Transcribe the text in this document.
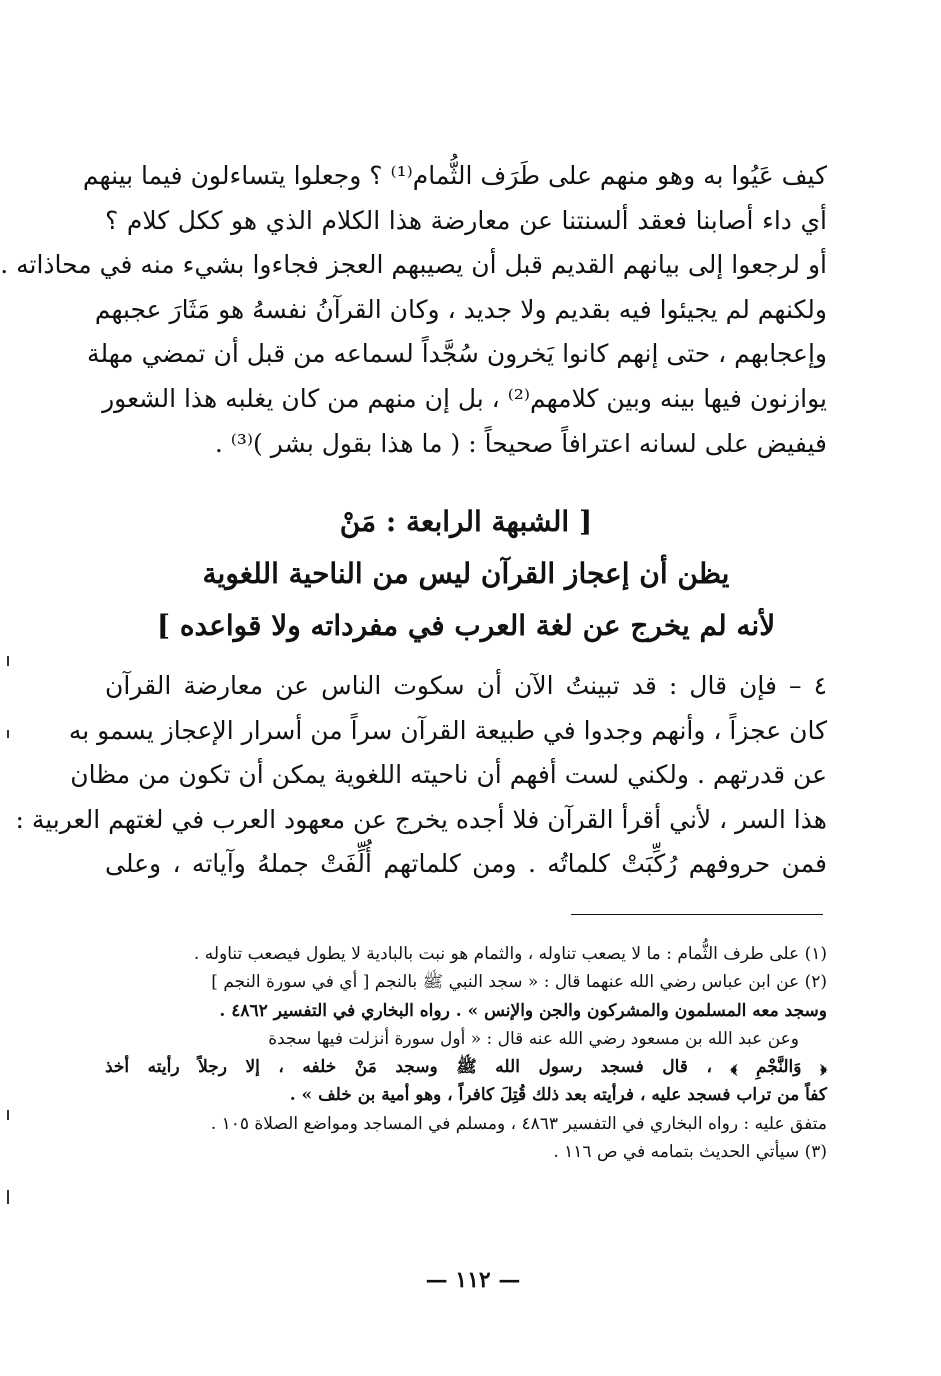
كيف عَيُوا به وهو منهم على طَرَف الثُّمام⁽¹⁾ ؟ وجعلوا يتساءلون فيما بينهم
أي داء أصابنا فعقد ألسنتنا عن معارضة هذا الكلام الذي هو ككل كلام ؟
أو لرجعوا إلى بيانهم القديم قبل أن يصيبهم العجز فجاءوا بشيء منه في محاذاته .
ولكنهم لم يجيئوا فيه بقديم ولا جديد ، وكان القرآنُ نفسهُ هو مَثَارَ عجبهم
وإعجابهم ، حتى إنهم كانوا يَخرون سُجَّداً لسماعه من قبل أن تمضي مهلة
يوازنون فيها بينه وبين كلامهم⁽²⁾ ، بل إن منهم من كان يغلبه هذا الشعور
فيفيض على لسانه اعترافاً صحيحاً : ( ما هذا بقول بشر )⁽³⁾ .
[ الشبهة الرابعة : مَنْ
يظن أن إعجاز القرآن ليس من الناحية اللغوية
لأنه لم يخرج عن لغة العرب في مفرداته ولا قواعده ]
٤ – فإن قال : قد تبينتُ الآن أن سكوت الناس عن معارضة القرآن
كان عجزاً ، وأنهم وجدوا في طبيعة القرآن سراً من أسرار الإعجاز يسمو به
عن قدرتهم . ولكني لست أفهم أن ناحيته اللغوية يمكن أن تكون من مظان
هذا السر ، لأني أقرأ القرآن فلا أجده يخرج عن معهود العرب في لغتهم العربية :
فمن حروفهم رُكِّبَتْ كلماتُه . ومن كلماتهم أُلِّفَتْ جملهُ وآياته ، وعلى
(١) على طرف الثُّمام : ما لا يصعب تناوله ، والثمام هو نبت بالبادية لا يطول فيصعب تناوله .
(٢) عن ابن عباس رضي الله عنهما قال : « سجد النبي ﷺ بالنجم [ أي في سورة النجم ]
وسجد معه المسلمون والمشركون والجن والإنس » . رواه البخاري في التفسير ٤٨٦٢ .
وعن عبد الله بن مسعود رضي الله عنه قال : « أول سورة أنزلت فيها سجدة
﴿ وَالنَّجْمِ ﴾ ، قال فسجد رسول الله ﷺ وسجد مَنْ خلفه ، إلا رجلاً رأيته أخذ
كفاً من تراب فسجد عليه ، فرأيته بعد ذلك قُتِلَ كافراً ، وهو أمية بن خلف » .
متفق عليه : رواه البخاري في التفسير ٤٨٦٣ ، ومسلم في المساجد ومواضع الصلاة ١٠٥ .
(٣) سيأتي الحديث بتمامه في ص ١١٦ .
— ١١٢ —
